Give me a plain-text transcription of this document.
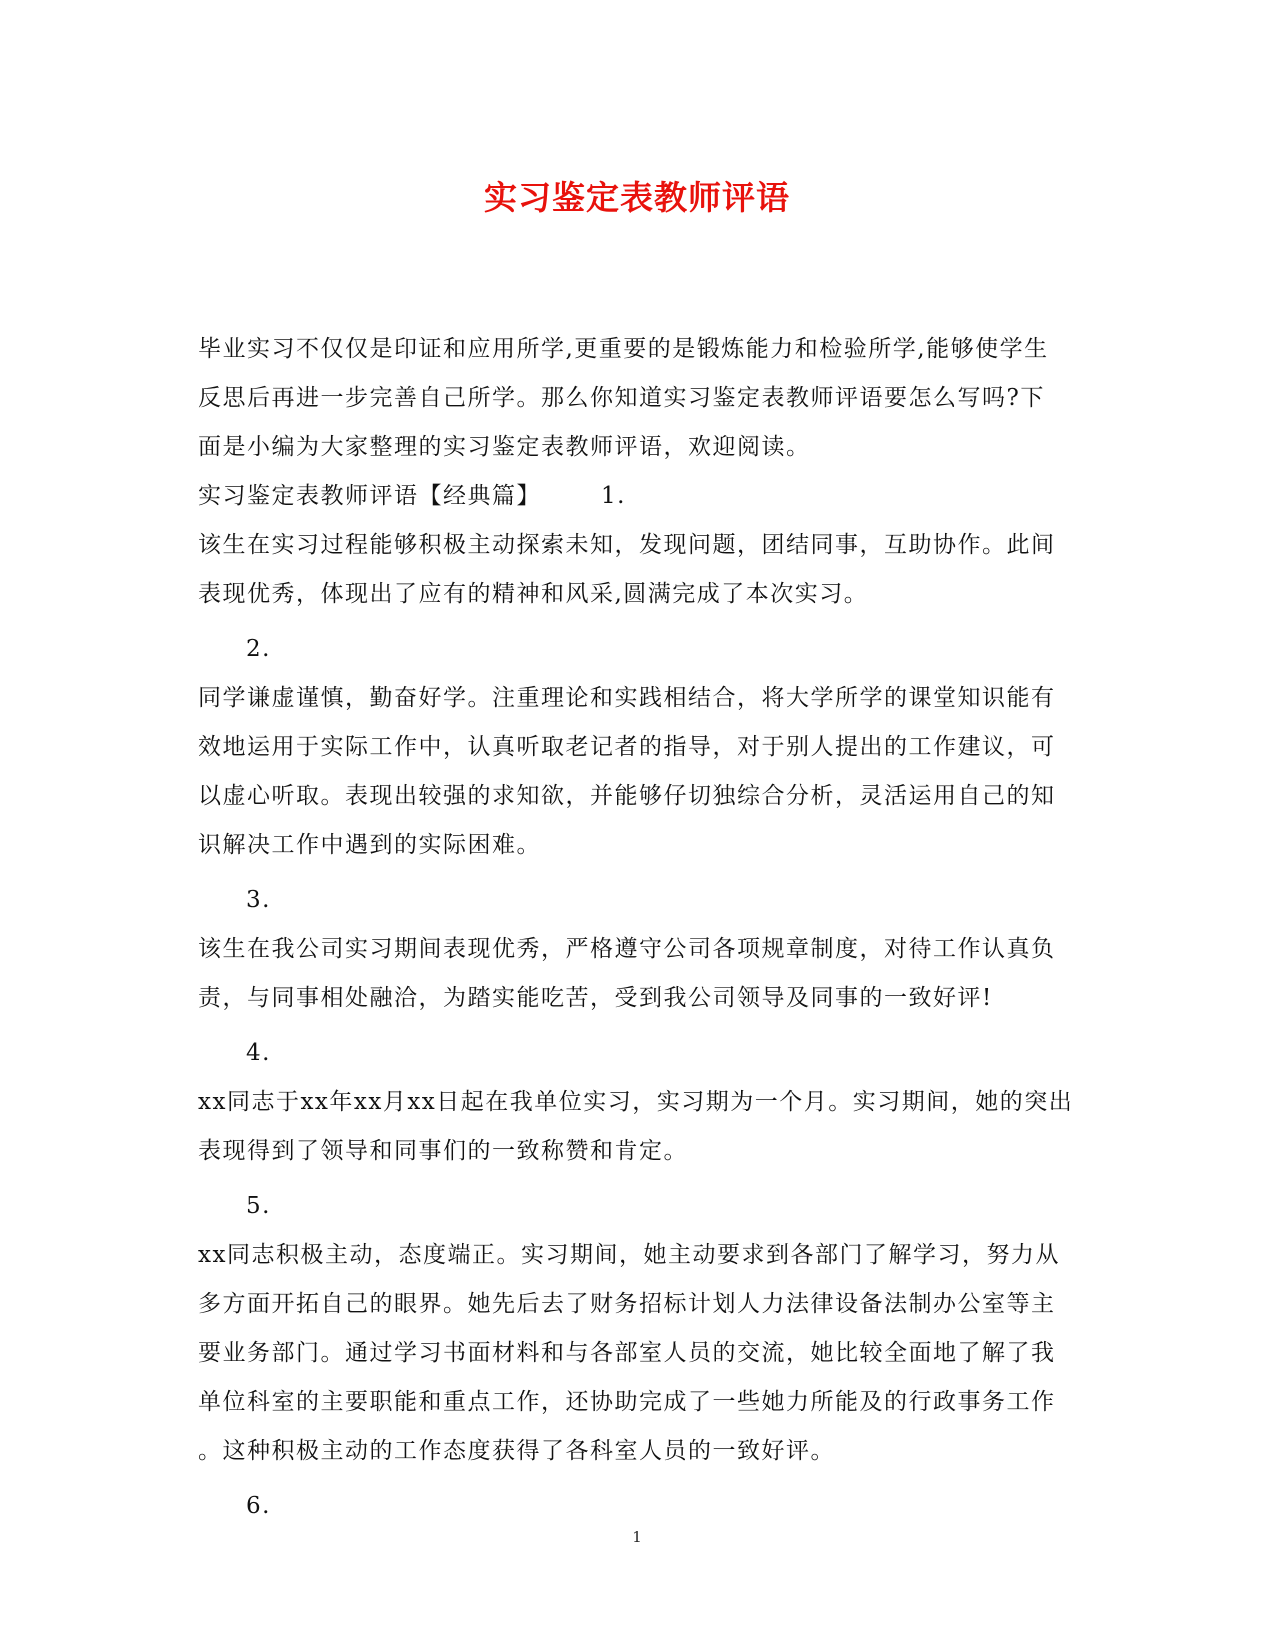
实习鉴定表教师评语
毕业实习不仅仅是印证和应用所学,更重要的是锻炼能力和检验所学,能够使学生
反思后再进一步完善自己所学。那么你知道实习鉴定表教师评语要怎么写吗?下
面是小编为大家整理的实习鉴定表教师评语，欢迎阅读。
实习鉴定表教师评语【经典篇】	1.
该生在实习过程能够积极主动探索未知，发现问题，团结同事，互助协作。此间
表现优秀，体现出了应有的精神和风采,圆满完成了本次实习。
2.
同学谦虚谨慎，勤奋好学。注重理论和实践相结合，将大学所学的课堂知识能有
效地运用于实际工作中，认真听取老记者的指导，对于别人提出的工作建议，可
以虚心听取。表现出较强的求知欲，并能够仔切独综合分析，灵活运用自己的知
识解决工作中遇到的实际困难。
3.
该生在我公司实习期间表现优秀，严格遵守公司各项规章制度，对待工作认真负
责，与同事相处融洽，为踏实能吃苦，受到我公司领导及同事的一致好评!
4.
xx同志于xx年xx月xx日起在我单位实习，实习期为一个月。实习期间，她的突出
表现得到了领导和同事们的一致称赞和肯定。
5.
xx同志积极主动，态度端正。实习期间，她主动要求到各部门了解学习，努力从
多方面开拓自己的眼界。她先后去了财务招标计划人力法律设备法制办公室等主
要业务部门。通过学习书面材料和与各部室人员的交流，她比较全面地了解了我
单位科室的主要职能和重点工作，还协助完成了一些她力所能及的行政事务工作
。这种积极主动的工作态度获得了各科室人员的一致好评。
6.
1
